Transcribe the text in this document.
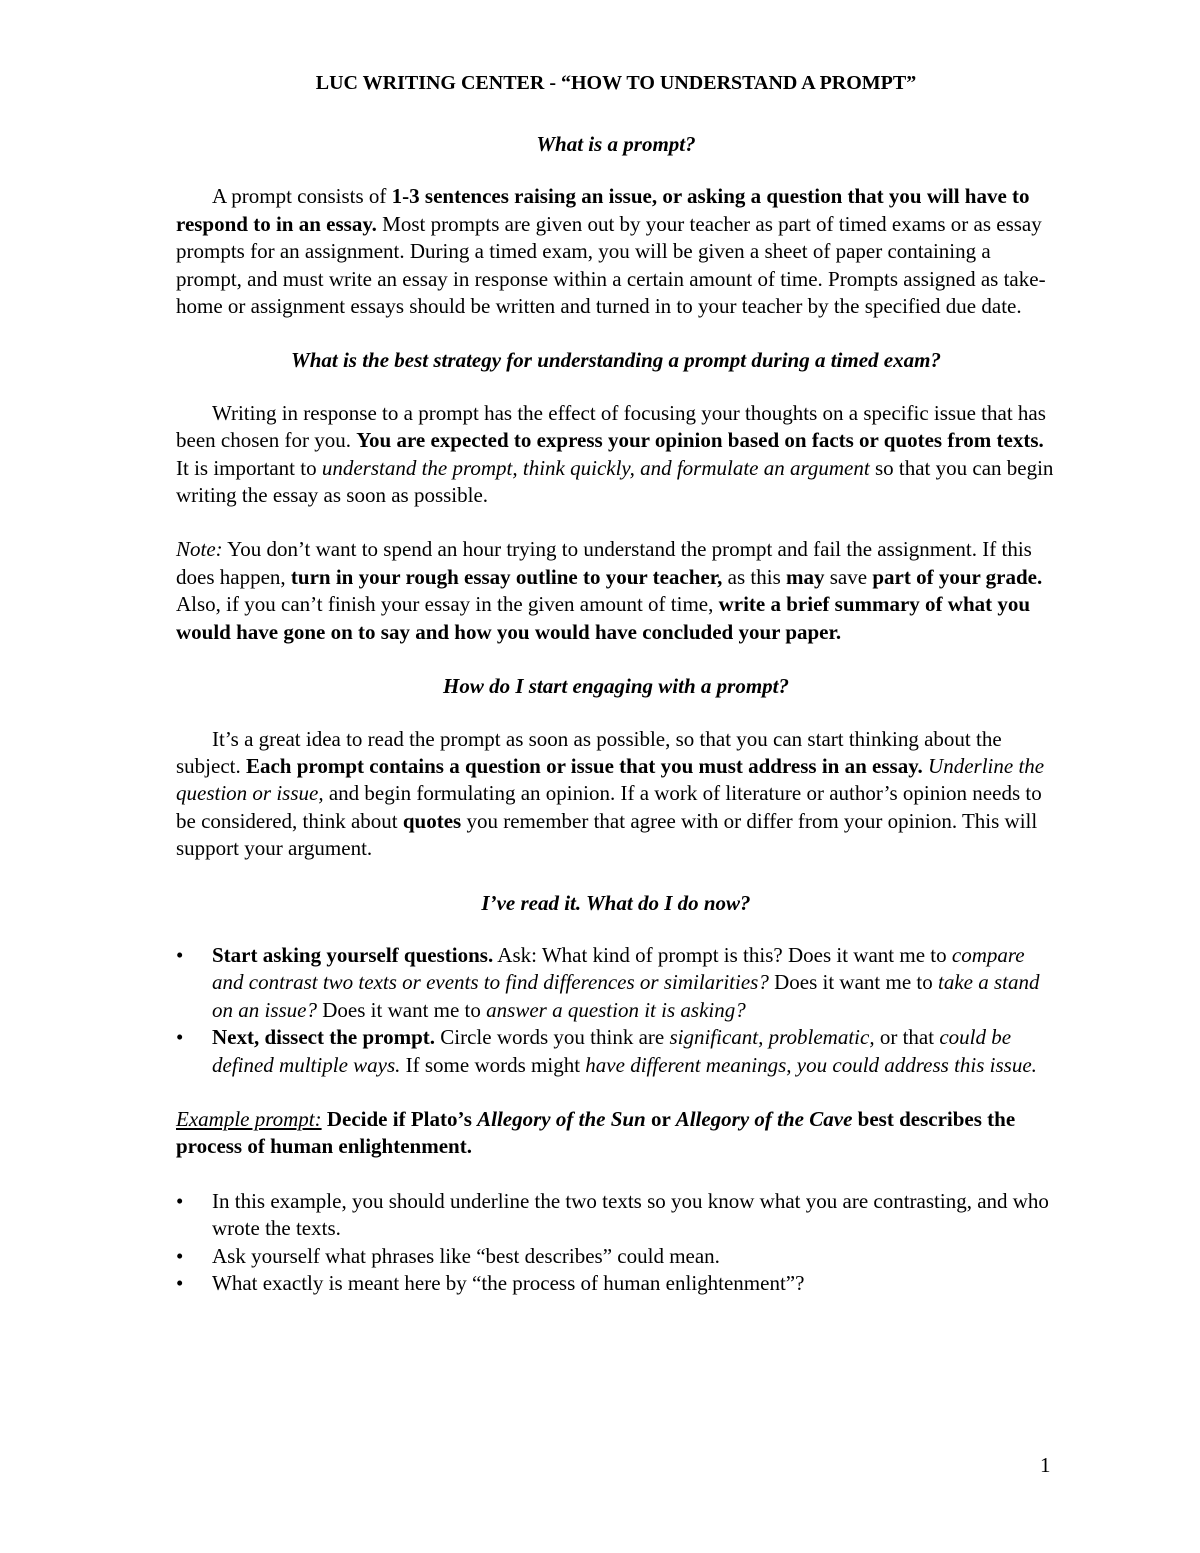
LUC WRITING CENTER - “HOW TO UNDERSTAND A PROMPT”

What is a prompt?

A prompt consists of 1-3 sentences raising an issue, or asking a question that you will have to respond to in an essay. Most prompts are given out by your teacher as part of timed exams or as essay prompts for an assignment. During a timed exam, you will be given a sheet of paper containing a prompt, and must write an essay in response within a certain amount of time. Prompts assigned as take-home or assignment essays should be written and turned in to your teacher by the specified due date.

What is the best strategy for understanding a prompt during a timed exam?

Writing in response to a prompt has the effect of focusing your thoughts on a specific issue that has been chosen for you. You are expected to express your opinion based on facts or quotes from texts. It is important to understand the prompt, think quickly, and formulate an argument so that you can begin writing the essay as soon as possible.

Note: You don’t want to spend an hour trying to understand the prompt and fail the assignment. If this does happen, turn in your rough essay outline to your teacher, as this may save part of your grade. Also, if you can’t finish your essay in the given amount of time, write a brief summary of what you would have gone on to say and how you would have concluded your paper.

How do I start engaging with a prompt?

It’s a great idea to read the prompt as soon as possible, so that you can start thinking about the subject. Each prompt contains a question or issue that you must address in an essay. Underline the question or issue, and begin formulating an opinion. If a work of literature or author’s opinion needs to be considered, think about quotes you remember that agree with or differ from your opinion. This will support your argument.

I’ve read it. What do I do now?

•	Start asking yourself questions. Ask: What kind of prompt is this? Does it want me to compare and contrast two texts or events to find differences or similarities? Does it want me to take a stand on an issue? Does it want me to answer a question it is asking?
•	Next, dissect the prompt. Circle words you think are significant, problematic, or that could be defined multiple ways. If some words might have different meanings, you could address this issue.

Example prompt: Decide if Plato’s Allegory of the Sun or Allegory of the Cave best describes the process of human enlightenment.

•	In this example, you should underline the two texts so you know what you are contrasting, and who wrote the texts.
•	Ask yourself what phrases like “best describes” could mean.
•	What exactly is meant here by “the process of human enlightenment”?
1
